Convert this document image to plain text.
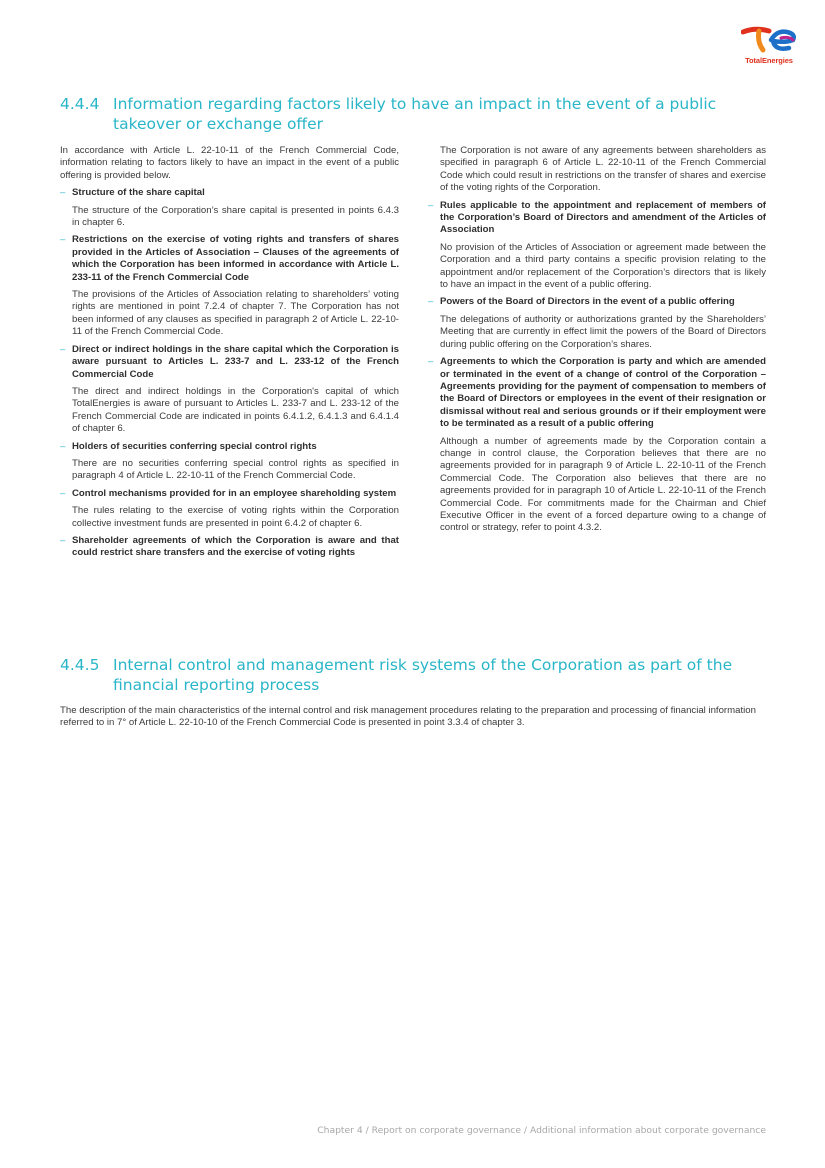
TotalEnergies
4.4.4 Information regarding factors likely to have an impact in the event of a public takeover or exchange offer

In accordance with Article L. 22-10-11 of the French Commercial Code, information relating to factors likely to have an impact in the event of a public offering is provided below.

– Structure of the share capital

The structure of the Corporation’s share capital is presented in points 6.4.3 in chapter 6.

– Restrictions on the exercise of voting rights and transfers of shares provided in the Articles of Association – Clauses of the agreements of which the Corporation has been informed in accordance with Article L. 233-11 of the French Commercial Code

The provisions of the Articles of Association relating to shareholders’ voting rights are mentioned in point 7.2.4 of chapter 7. The Corporation has not been informed of any clauses as specified in paragraph 2 of Article L. 22-10-11 of the French Commercial Code.

– Direct or indirect holdings in the share capital which the Corporation is aware pursuant to Articles L. 233-7 and L. 233-12 of the French Commercial Code

The direct and indirect holdings in the Corporation's capital of which TotalEnergies is aware of pursuant to Articles L. 233-7 and L. 233-12 of the French Commercial Code are indicated in points 6.4.1.2, 6.4.1.3 and 6.4.1.4 of chapter 6.

– Holders of securities conferring special control rights

There are no securities conferring special control rights as specified in paragraph 4 of Article L. 22-10-11 of the French Commercial Code.

– Control mechanisms provided for in an employee shareholding system

The rules relating to the exercise of voting rights within the Corporation collective investment funds are presented in point 6.4.2 of chapter 6.

– Shareholder agreements of which the Corporation is aware and that could restrict share transfers and the exercise of voting rights

The Corporation is not aware of any agreements between shareholders as specified in paragraph 6 of Article L. 22-10-11 of the French Commercial Code which could result in restrictions on the transfer of shares and exercise of the voting rights of the Corporation.

– Rules applicable to the appointment and replacement of members of the Corporation’s Board of Directors and amendment of the Articles of Association

No provision of the Articles of Association or agreement made between the Corporation and a third party contains a specific provision relating to the appointment and/or replacement of the Corporation’s directors that is likely to have an impact in the event of a public offering.

– Powers of the Board of Directors in the event of a public offering

The delegations of authority or authorizations granted by the Shareholders’ Meeting that are currently in effect limit the powers of the Board of Directors during public offering on the Corporation’s shares.

– Agreements to which the Corporation is party and which are amended or terminated in the event of a change of control of the Corporation – Agreements providing for the payment of compensation to members of the Board of Directors or employees in the event of their resignation or dismissal without real and serious grounds or if their employment were to be terminated as a result of a public offering

Although a number of agreements made by the Corporation contain a change in control clause, the Corporation believes that there are no agreements provided for in paragraph 9 of Article L. 22-10-11 of the French Commercial Code. The Corporation also believes that there are no agreements provided for in paragraph 10 of Article L. 22-10-11 of the French Commercial Code. For commitments made for the Chairman and Chief Executive Officer in the event of a forced departure owing to a change of control or strategy, refer to point 4.3.2.

4.4.5 Internal control and management risk systems of the Corporation as part of the financial reporting process

The description of the main characteristics of the internal control and risk management procedures relating to the preparation and processing of financial information referred to in 7° of Article L. 22-10-10 of the French Commercial Code is presented in point 3.3.4 of chapter 3.

Chapter 4 / Report on corporate governance / Additional information about corporate governance
